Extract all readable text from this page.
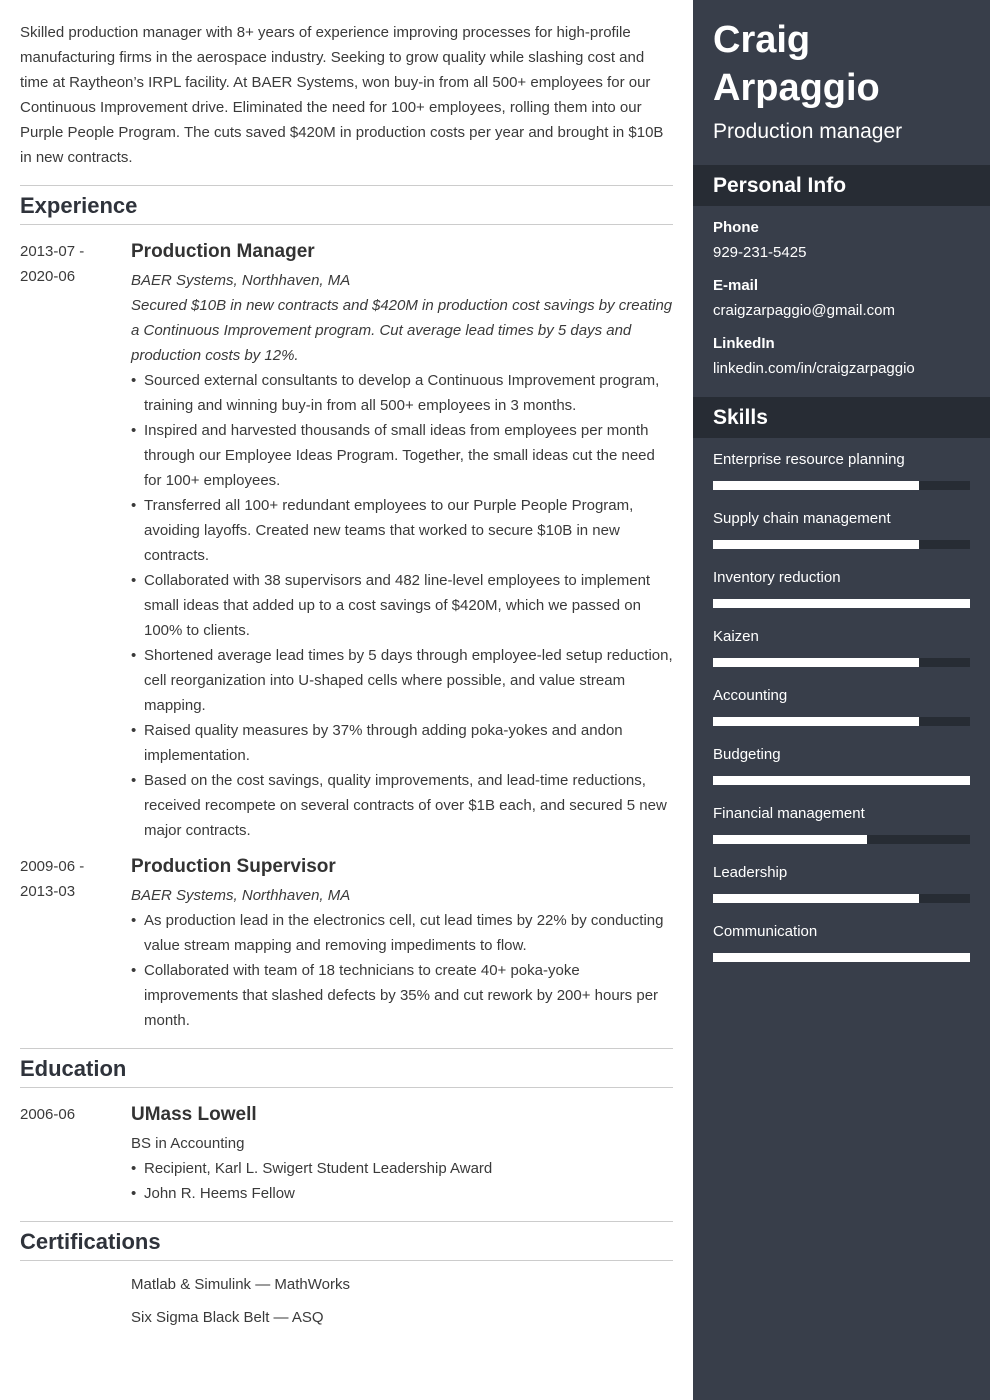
Skilled production manager with 8+ years of experience improving processes for high-profile manufacturing firms in the aerospace industry. Seeking to grow quality while slashing cost and time at Raytheon’s IRPL facility. At BAER Systems, won buy-in from all 500+ employees for our Continuous Improvement drive. Eliminated the need for 100+ employees, rolling them into our Purple People Program. The cuts saved $420M in production costs per year and brought in $10B in new contracts.

Experience
2013-07 - 2020-06
Production Manager
BAER Systems, Northhaven, MA
Secured $10B in new contracts and $420M in production cost savings by creating a Continuous Improvement program. Cut average lead times by 5 days and production costs by 12%.
• Sourced external consultants to develop a Continuous Improvement program, training and winning buy-in from all 500+ employees in 3 months.
• Inspired and harvested thousands of small ideas from employees per month through our Employee Ideas Program. Together, the small ideas cut the need for 100+ employees.
• Transferred all 100+ redundant employees to our Purple People Program, avoiding layoffs. Created new teams that worked to secure $10B in new contracts.
• Collaborated with 38 supervisors and 482 line-level employees to implement small ideas that added up to a cost savings of $420M, which we passed on 100% to clients.
• Shortened average lead times by 5 days through employee-led setup reduction, cell reorganization into U-shaped cells where possible, and value stream mapping.
• Raised quality measures by 37% through adding poka-yokes and andon implementation.
• Based on the cost savings, quality improvements, and lead-time reductions, received recompete on several contracts of over $1B each, and secured 5 new major contracts.
2009-06 - 2013-03
Production Supervisor
BAER Systems, Northhaven, MA
• As production lead in the electronics cell, cut lead times by 22% by conducting value stream mapping and removing impediments to flow.
• Collaborated with team of 18 technicians to create 40+ poka-yoke improvements that slashed defects by 35% and cut rework by 200+ hours per month.
Education
2006-06	UMass Lowell
BS in Accounting
• Recipient, Karl L. Swigert Student Leadership Award
• John R. Heems Fellow
Certifications
Matlab & Simulink — MathWorks
Six Sigma Black Belt — ASQ
Craig Arpaggio
Production manager
Personal Info
Phone
929-231-5425
E-mail
craigzarpaggio@gmail.com
LinkedIn
linkedin.com/in/craigzarpaggio
Skills
Enterprise resource planning
Supply chain management
Inventory reduction
Kaizen
Accounting
Budgeting
Financial management
Leadership
Communication
